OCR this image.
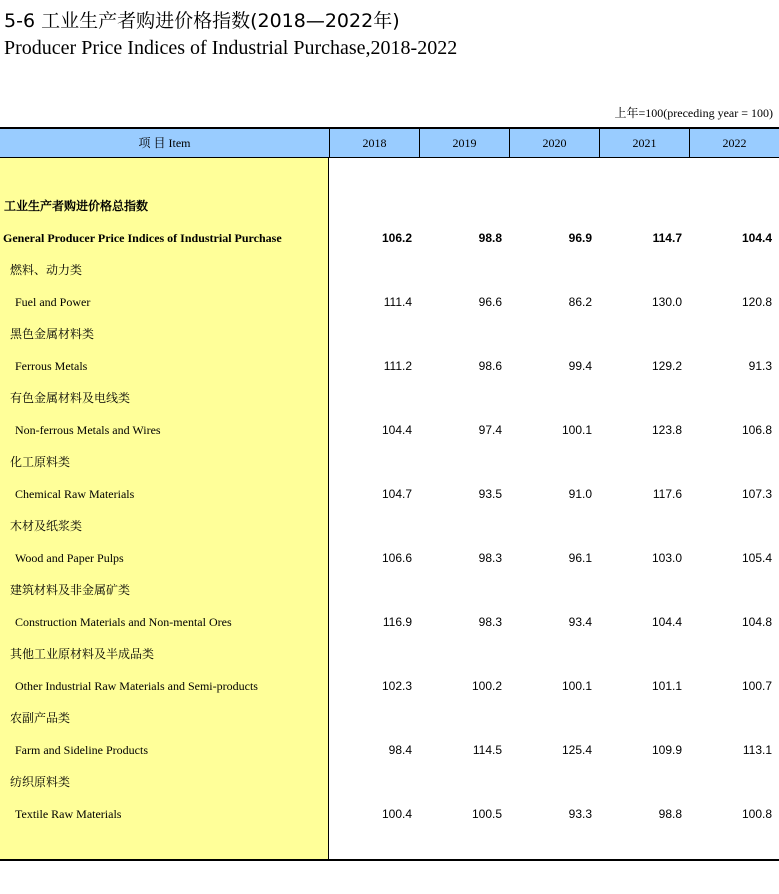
5-6 工业生产者购进价格指数(2018—2022年)
Producer Price Indices of Industrial Purchase,2018-2022
上年=100(preceding year = 100)
项 目 Item	2018	2019	2020	2021	2022
工业生产者购进价格总指数
General Producer Price Indices of Industrial Purchase	106.2	98.8	96.9	114.7	104.4
燃料、动力类
Fuel and Power	111.4	96.6	86.2	130.0	120.8
黑色金属材料类
Ferrous Metals	111.2	98.6	99.4	129.2	91.3
有色金属材料及电线类
Non-ferrous Metals and Wires	104.4	97.4	100.1	123.8	106.8
化工原料类
Chemical Raw Materials	104.7	93.5	91.0	117.6	107.3
木材及纸浆类
Wood and Paper Pulps	106.6	98.3	96.1	103.0	105.4
建筑材料及非金属矿类
Construction Materials and Non-mental Ores	116.9	98.3	93.4	104.4	104.8
其他工业原材料及半成品类
Other Industrial Raw Materials and Semi-products	102.3	100.2	100.1	101.1	100.7
农副产品类
Farm and Sideline Products	98.4	114.5	125.4	109.9	113.1
纺织原料类
Textile Raw Materials	100.4	100.5	93.3	98.8	100.8
